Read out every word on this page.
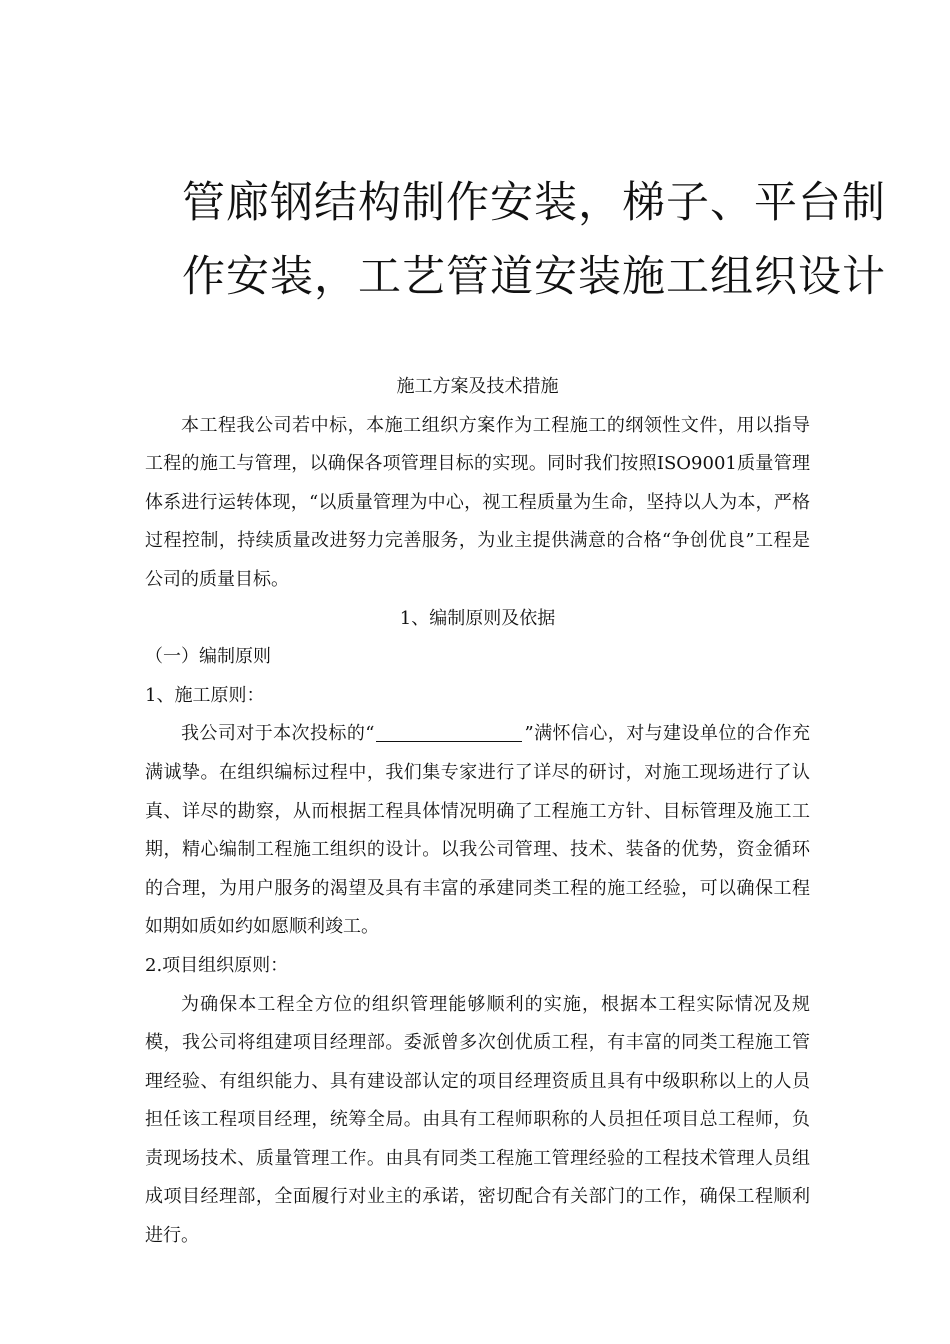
管廊钢结构制作安装，梯子、平台制
作安装，工艺管道安装施工组织设计

施工方案及技术措施

本工程我公司若中标，本施工组织方案作为工程施工的纲领性文件，用以指导工程的施工与管理，以确保各项管理目标的实现。同时我们按照ISO9001质量管理体系进行运转体现，“以质量管理为中心，视工程质量为生命，坚持以人为本，严格过程控制，持续质量改进努力完善服务，为业主提供满意的合格“争创优良”工程是公司的质量目标。

1、编制原则及依据

（一）编制原则

1、施工原则：

我公司对于本次投标的“	”满怀信心，对与建设单位的合作充满诚挚。在组织编标过程中，我们集专家进行了详尽的研讨，对施工现场进行了认真、详尽的勘察，从而根据工程具体情况明确了工程施工方针、目标管理及施工工期，精心编制工程施工组织的设计。以我公司管理、技术、装备的优势，资金循环的合理，为用户服务的渴望及具有丰富的承建同类工程的施工经验，可以确保工程如期如质如约如愿顺利竣工。

2.项目组织原则：

为确保本工程全方位的组织管理能够顺利的实施，根据本工程实际情况及规模，我公司将组建项目经理部。委派曾多次创优质工程，有丰富的同类工程施工管理经验、有组织能力、具有建设部认定的项目经理资质且具有中级职称以上的人员担任该工程项目经理，统筹全局。由具有工程师职称的人员担任项目总工程师，负责现场技术、质量管理工作。由具有同类工程施工管理经验的工程技术管理人员组成项目经理部，全面履行对业主的承诺，密切配合有关部门的工作，确保工程顺利进行。
